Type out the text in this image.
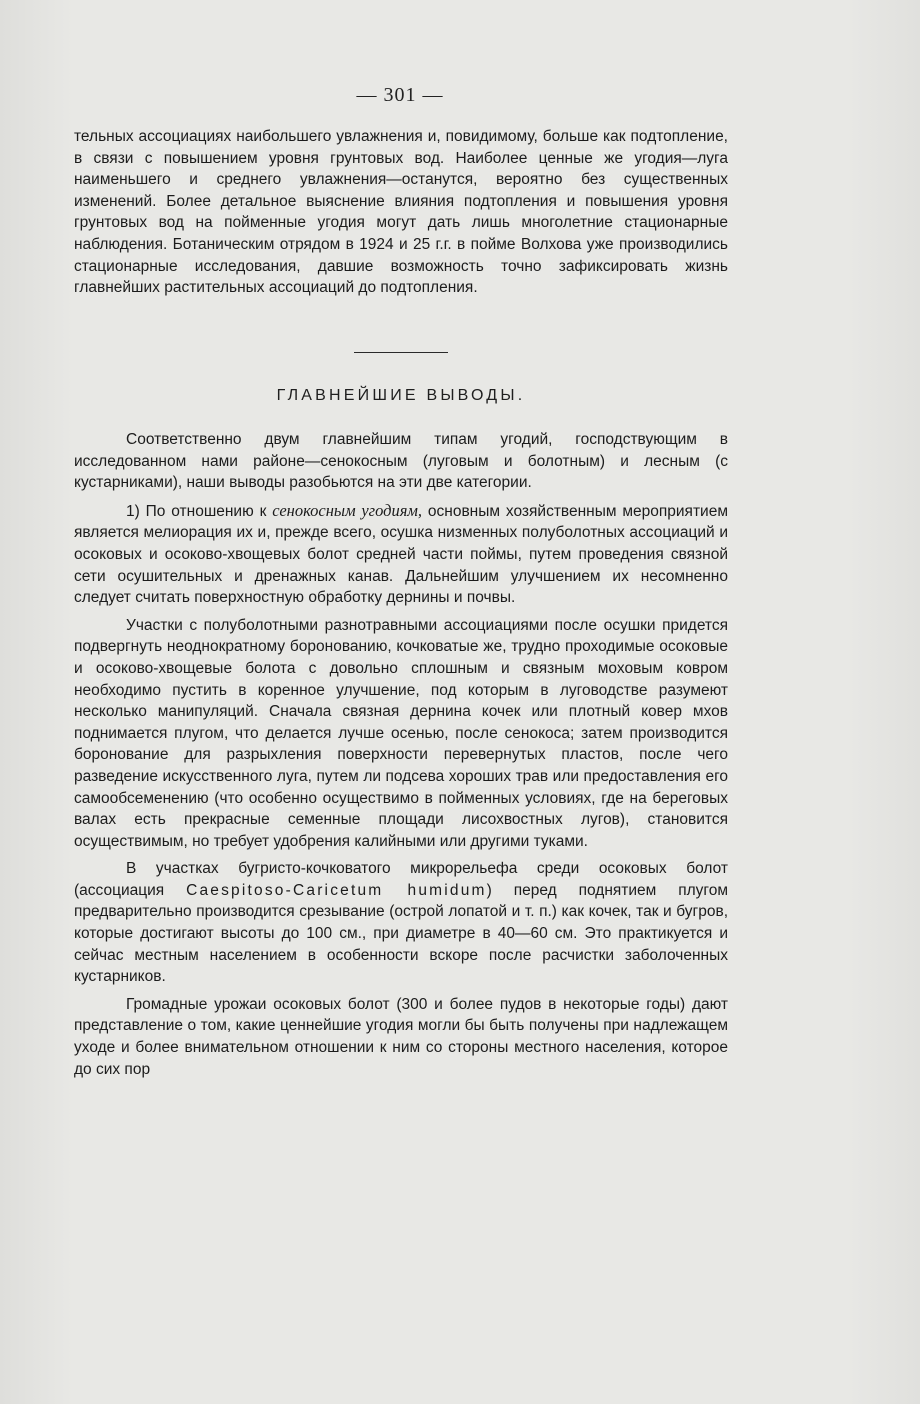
— 301 —

тельных ассоциациях наибольшего увлажнения и, повидимому, больше как подтопление, в связи с повышением уровня грунтовых вод. Наиболее ценные же угодия—луга наименьшего и среднего увлажнения—останутся, вероятно без существенных изменений. Более детальное выяснение влияния подтопления и повышения уровня грунтовых вод на пойменные угодия могут дать лишь многолетние стационарные наблюдения. Ботаническим отрядом в 1924 и 25 г.г. в пойме Волхова уже производились стационарные исследования, давшие возможность точно зафиксировать жизнь главнейших растительных ассоциаций до подтопления.

ГЛАВНЕЙШИЕ ВЫВОДЫ.

Соответственно двум главнейшим типам угодий, господствующим в исследованном нами районе—сенокосным (луговым и болотным) и лесным (с кустарниками), наши выводы разобьются на эти две категории.

1) По отношению к сенокосным угодиям, основным хозяйственным мероприятием является мелиорация их и, прежде всего, осушка низменных полуболотных ассоциаций и осоковых и осоково-хвощевых болот средней части поймы, путем проведения связной сети осушительных и дренажных канав. Дальнейшим улучшением их несомненно следует считать поверхностную обработку дернины и почвы.

Участки с полуболотными разнотравными ассоциациями после осушки придется подвергнуть неоднократному боронованию, кочковатые же, трудно проходимые осоковые и осоково-хвощевые болота с довольно сплошным и связным моховым ковром необходимо пустить в коренное улучшение, под которым в луговодстве разумеют несколько манипуляций. Сначала связная дернина кочек или плотный ковер мхов поднимается плугом, что делается лучше осенью, после сенокоса; затем производится боронование для разрыхления поверхности перевернутых пластов, после чего разведение искусственного луга, путем ли подсева хороших трав или предоставления его самообсеменению (что особенно осуществимо в пойменных условиях, где на береговых валах есть прекрасные семенные площади лисохвостных лугов), становится осуществимым, но требует удобрения калийными или другими туками.

В участках бугристо-кочковатого микрорельефа среди осоковых болот (ассоциация Caespitoso-Caricetum humidum) перед поднятием плугом предварительно производится срезывание (острой лопатой и т. п.) как кочек, так и бугров, которые достигают высоты до 100 см., при диаметре в 40—60 см. Это практикуется и сейчас местным населением в особенности вскоре после расчистки заболоченных кустарников.

Громадные урожаи осоковых болот (300 и более пудов в некоторые годы) дают представление о том, какие ценнейшие угодия могли бы быть получены при надлежащем уходе и более внимательном отношении к ним со стороны местного населения, которое до сих пор
